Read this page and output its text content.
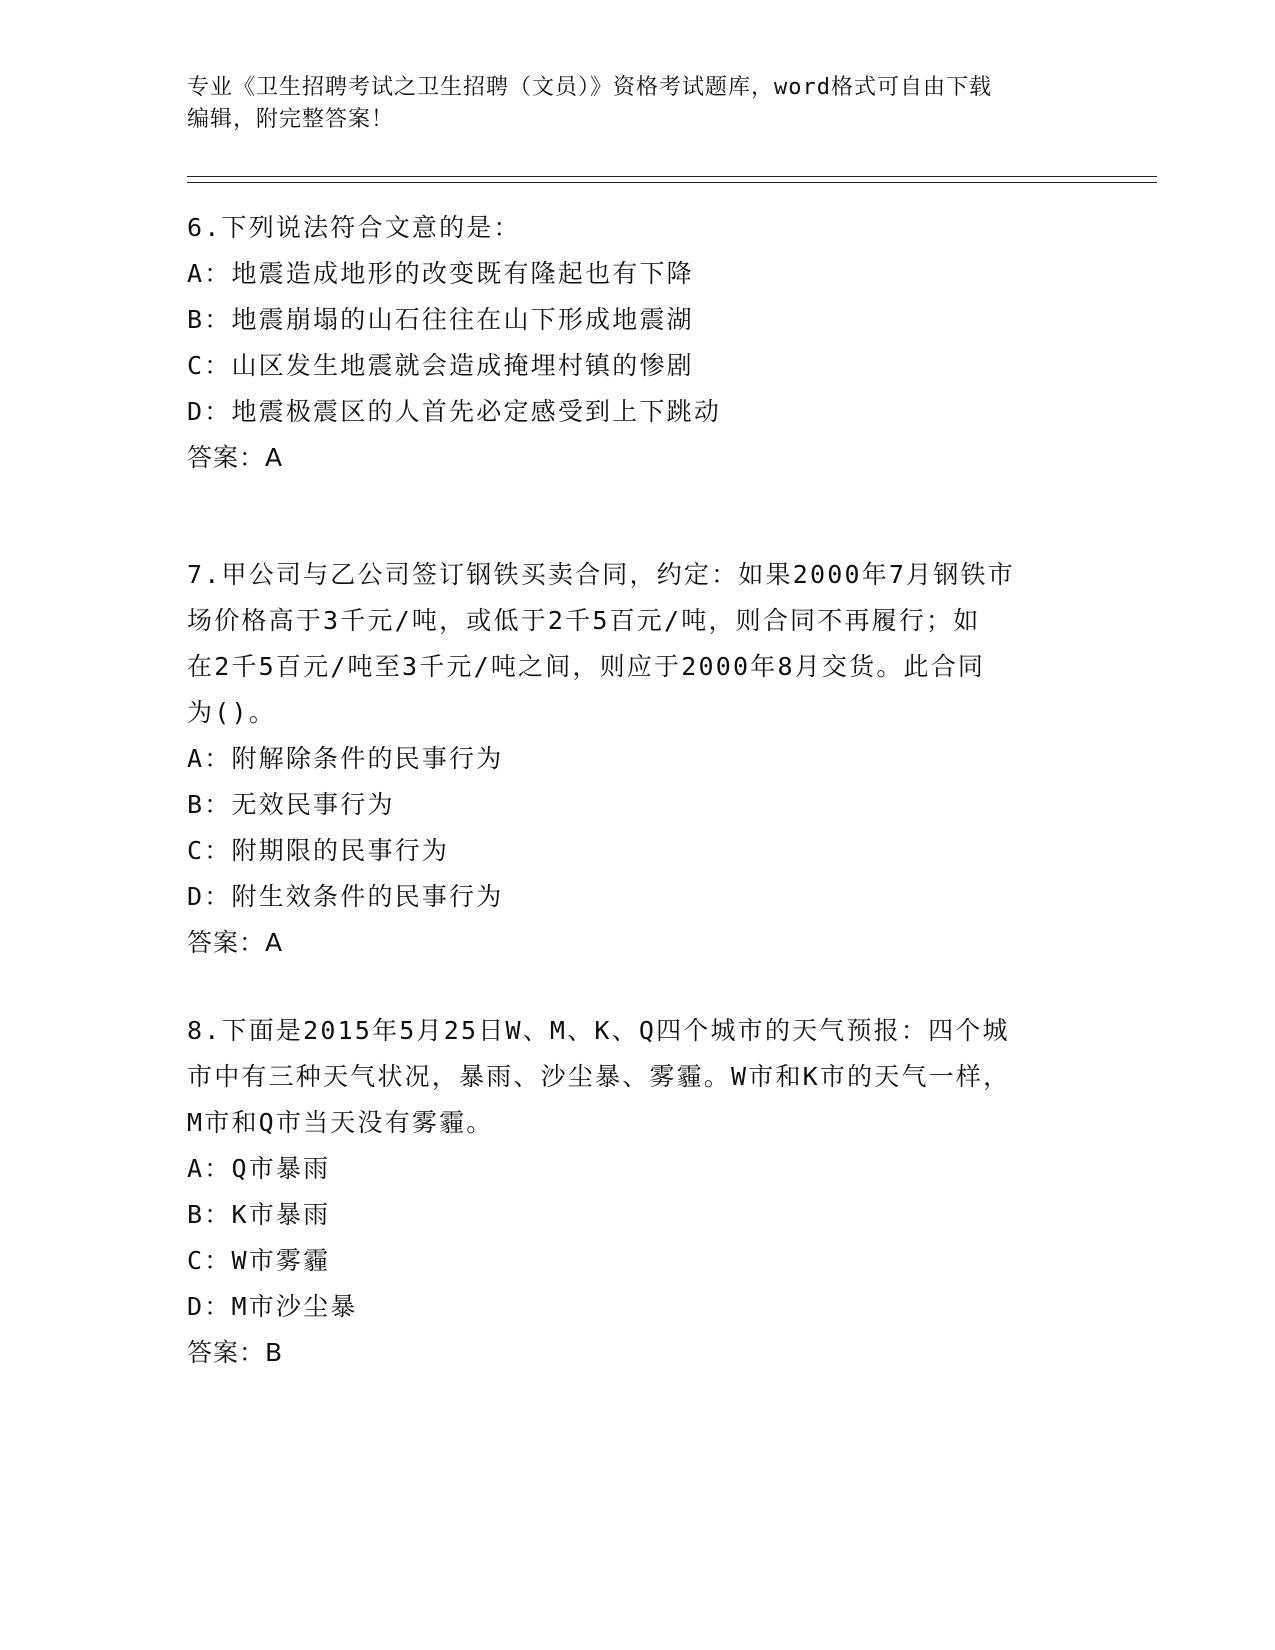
专业《卫生招聘考试之卫生招聘（文员）》资格考试题库，word格式可自由下载
编辑，附完整答案！
6.下列说法符合文意的是：
A：地震造成地形的改变既有隆起也有下降
B：地震崩塌的山石往往在山下形成地震湖
C：山区发生地震就会造成掩埋村镇的惨剧
D：地震极震区的人首先必定感受到上下跳动
答案：A
7.甲公司与乙公司签订钢铁买卖合同，约定：如果2000年7月钢铁市
场价格高于3千元/吨，或低于2千5百元/吨，则合同不再履行；如
在2千5百元/吨至3千元/吨之间，则应于2000年8月交货。此合同
为()。
A：附解除条件的民事行为
B：无效民事行为
C：附期限的民事行为
D：附生效条件的民事行为
答案：A
8.下面是2015年5月25日W、M、K、Q四个城市的天气预报：四个城
市中有三种天气状况，暴雨、沙尘暴、雾霾。W市和K市的天气一样，
M市和Q市当天没有雾霾。
A：Q市暴雨
B：K市暴雨
C：W市雾霾
D：M市沙尘暴
答案：B
